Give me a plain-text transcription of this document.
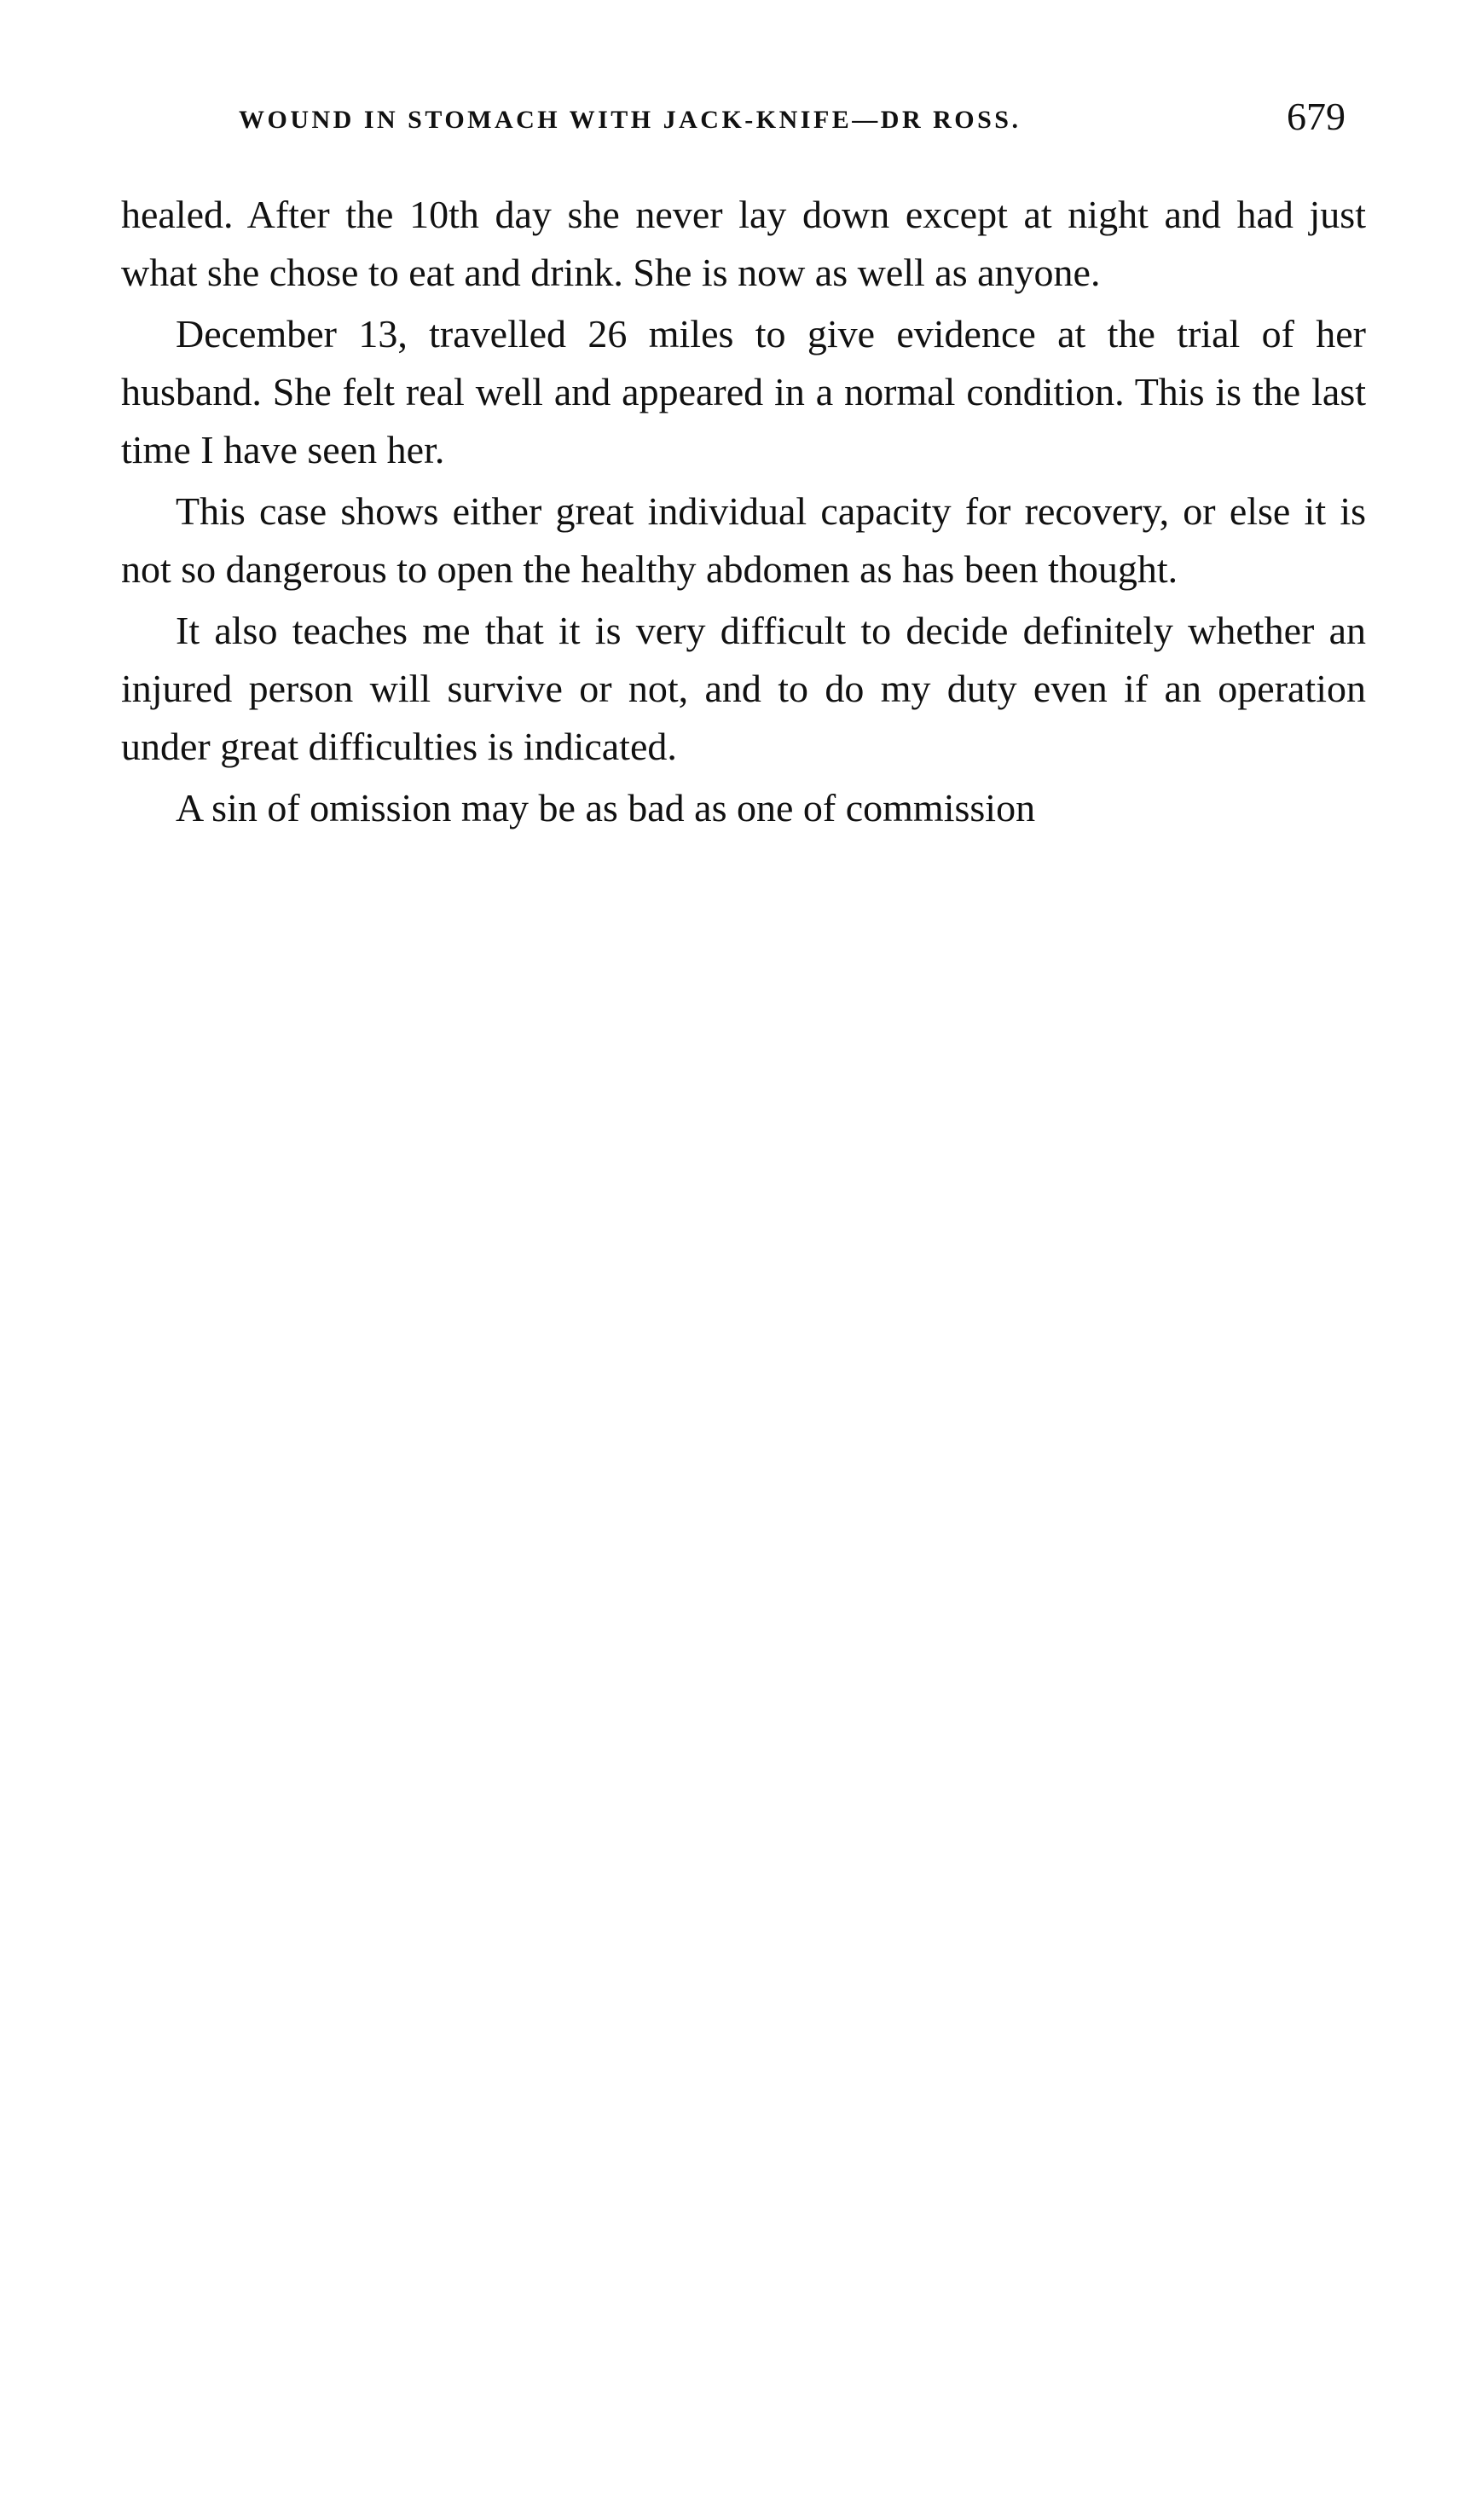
WOUND IN STOMACH WITH JACK-KNIFE—DR ROSS.	679

healed. After the 10th day she never lay down except at night and had just what she chose to eat and drink. She is now as well as anyone.

December 13, travelled 26 miles to give evidence at the trial of her husband. She felt real well and appeared in a normal condition. This is the last time I have seen her.

This case shows either great individual capacity for recovery, or else it is not so dangerous to open the healthy abdomen as has been thought.

It also teaches me that it is very difficult to decide definitely whether an injured person will survive or not, and to do my duty even if an operation under great difficulties is indicated.

A sin of omission may be as bad as one of commission
